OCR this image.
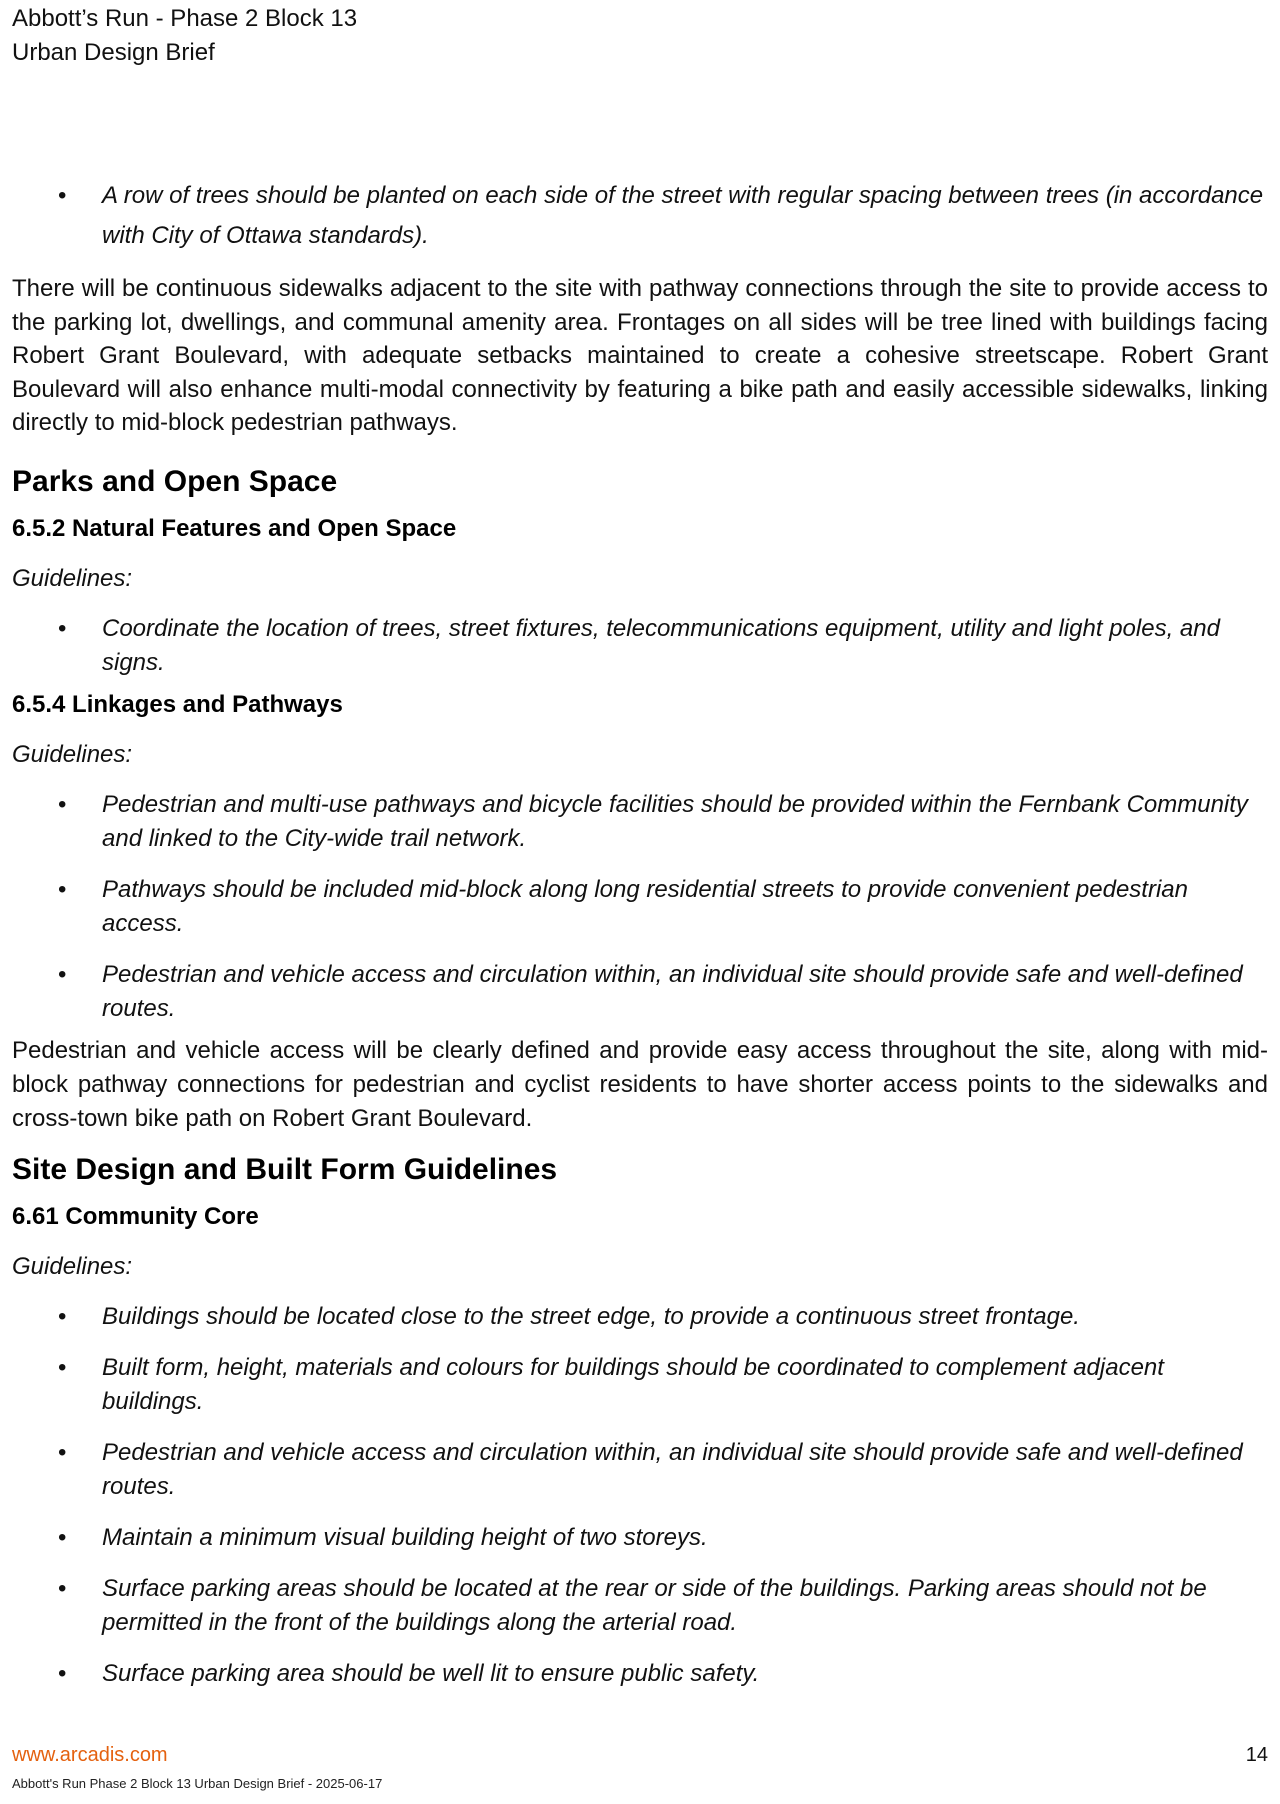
Abbott’s Run - Phase 2 Block 13
Urban Design Brief
• A row of trees should be planted on each side of the street with regular spacing between trees (in accordance with City of Ottawa standards).

There will be continuous sidewalks adjacent to the site with pathway connections through the site to provide access to the parking lot, dwellings, and communal amenity area. Frontages on all sides will be tree lined with buildings facing Robert Grant Boulevard, with adequate setbacks maintained to create a cohesive streetscape. Robert Grant Boulevard will also enhance multi-modal connectivity by featuring a bike path and easily accessible sidewalks, linking directly to mid-block pedestrian pathways.

Parks and Open Space
6.5.2 Natural Features and Open Space

Guidelines:

• Coordinate the location of trees, street fixtures, telecommunications equipment, utility and light poles, and signs.
6.5.4 Linkages and Pathways

Guidelines:

• Pedestrian and multi-use pathways and bicycle facilities should be provided within the Fernbank Community and linked to the City-wide trail network.
• Pathways should be included mid-block along long residential streets to provide convenient pedestrian access.
• Pedestrian and vehicle access and circulation within, an individual site should provide safe and well-defined routes.

Pedestrian and vehicle access will be clearly defined and provide easy access throughout the site, along with mid-block pathway connections for pedestrian and cyclist residents to have shorter access points to the sidewalks and cross-town bike path on Robert Grant Boulevard.

Site Design and Built Form Guidelines
6.61 Community Core

Guidelines:

• Buildings should be located close to the street edge, to provide a continuous street frontage.
• Built form, height, materials and colours for buildings should be coordinated to complement adjacent buildings.
• Pedestrian and vehicle access and circulation within, an individual site should provide safe and well-defined routes.
• Maintain a minimum visual building height of two storeys.
• Surface parking areas should be located at the rear or side of the buildings. Parking areas should not be permitted in the front of the buildings along the arterial road.
• Surface parking area should be well lit to ensure public safety.
www.arcadis.com
Abbott's Run Phase 2 Block 13 Urban Design Brief - 2025-06-17
14
